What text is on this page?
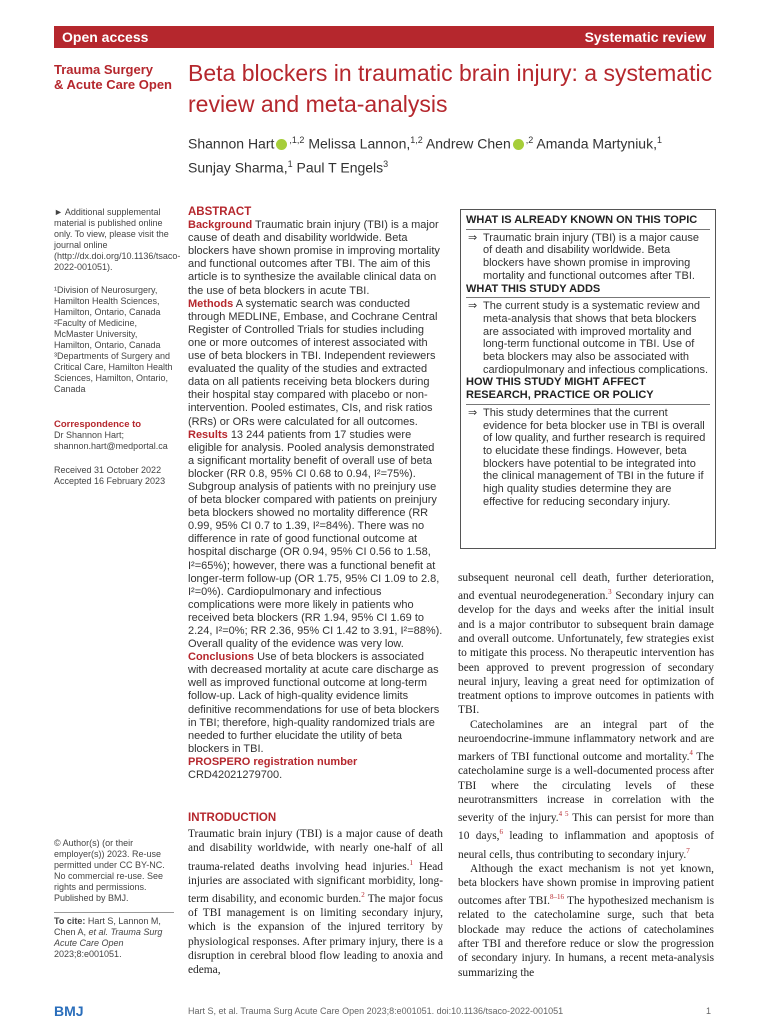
Open access	Systematic review
Trauma Surgery
& Acute Care Open Beta blockers in traumatic brain injury: a systematic review and meta-analysis
Shannon Hart $^{,1,2}$ Melissa Lannon,$^{1,2}$ Andrew Chen $^{,2}$ Amanda Martyniuk,$^1$
Sunjay Sharma,$^1$ Paul T Engels$^3$
► Additional supplemental material is published online only. To view, please visit the journal online (http://dx.doi.org/10.1136/tsaco-2022-001051).
¹Division of Neurosurgery, Hamilton Health Sciences, Hamilton, Ontario, Canada
²Faculty of Medicine, McMaster University, Hamilton, Ontario, Canada
³Departments of Surgery and Critical Care, Hamilton Health Sciences, Hamilton, Ontario, Canada
Correspondence to
Dr Shannon Hart; shannon.hart@medportal.ca
Received 31 October 2022
Accepted 16 February 2023
© Author(s) (or their employer(s)) 2023. Re-use permitted under CC BY-NC. No commercial re-use. See rights and permissions. Published by BMJ.
To cite: Hart S, Lannon M, Chen A, et al. Trauma Surg Acute Care Open 2023;8:e001051.
ABSTRACT
Background Traumatic brain injury (TBI) is a major cause of death and disability worldwide. Beta blockers have shown promise in improving mortality and functional outcomes after TBI. The aim of this article is to synthesize the available clinical data on the use of beta blockers in acute TBI.
Methods A systematic search was conducted through MEDLINE, Embase, and Cochrane Central Register of Controlled Trials for studies including one or more outcomes of interest associated with use of beta blockers in TBI. Independent reviewers evaluated the quality of the studies and extracted data on all patients receiving beta blockers during their hospital stay compared with placebo or non-intervention. Pooled estimates, CIs, and risk ratios (RRs) or ORs were calculated for all outcomes.
Results 13 244 patients from 17 studies were eligible for analysis. Pooled analysis demonstrated a significant mortality benefit of overall use of beta blocker (RR 0.8, 95% CI 0.68 to 0.94, I²=75%). Subgroup analysis of patients with no preinjury use of beta blocker compared with patients on preinjury beta blockers showed no mortality difference (RR 0.99, 95% CI 0.7 to 1.39, I²=84%). There was no difference in rate of good functional outcome at hospital discharge (OR 0.94, 95% CI 0.56 to 1.58, I²=65%); however, there was a functional benefit at longer-term follow-up (OR 1.75, 95% CI 1.09 to 2.8, I²=0%). Cardiopulmonary and infectious complications were more likely in patients who received beta blockers (RR 1.94, 95% CI 1.69 to 2.24, I²=0%; RR 2.36, 95% CI 1.42 to 3.91, I²=88%). Overall quality of the evidence was very low.
Conclusions Use of beta blockers is associated with decreased mortality at acute care discharge as well as improved functional outcome at long-term follow-up. Lack of high-quality evidence limits definitive recommendations for use of beta blockers in TBI; therefore, high-quality randomized trials are needed to further elucidate the utility of beta blockers in TBI.
PROSPERO registration number CRD42021279700.
WHAT IS ALREADY KNOWN ON THIS TOPIC
⇒ Traumatic brain injury (TBI) is a major cause of death and disability worldwide. Beta blockers have shown promise in improving mortality and functional outcomes after TBI.
WHAT THIS STUDY ADDS
⇒ The current study is a systematic review and meta-analysis that shows that beta blockers are associated with improved mortality and long-term functional outcome in TBI. Use of beta blockers may also be associated with cardiopulmonary and infectious complications.
HOW THIS STUDY MIGHT AFFECT RESEARCH, PRACTICE OR POLICY
⇒ This study determines that the current evidence for beta blocker use in TBI is overall of low quality, and further research is required to elucidate these findings. However, beta blockers have potential to be integrated into the clinical management of TBI in the future if high quality studies determine they are effective for reducing secondary injury.
INTRODUCTION

Traumatic brain injury (TBI) is a major cause of death and disability worldwide, with nearly one-half of all trauma-related deaths involving head injuries.$^1$ Head injuries are associated with significant morbidity, long-term disability, and economic burden.$^2$ The major focus of TBI management is on limiting secondary injury, which is the expansion of the injured territory by physiological responses. After primary injury, there is a disruption in cerebral blood flow leading to anoxia and edema,

subsequent neuronal cell death, further deterioration, and eventual neurodegeneration.$^3$ Secondary injury can develop for the days and weeks after the initial insult and is a major contributor to subsequent brain damage and overall outcome. Unfortunately, few strategies exist to mitigate this process. No therapeutic intervention has been approved to prevent progression of secondary neural injury, leaving a great need for optimization of treatment options to improve outcomes in patients with TBI.

Catecholamines are an integral part of the neuroendocrine-immune inflammatory network and are markers of TBI functional outcome and mortality.$^4$ The catecholamine surge is a well-documented process after TBI where the circulating levels of these neurotransmitters increase in correlation with the severity of the injury.$^{4 5}$ This can persist for more than 10 days,$^6$ leading to inflammation and apoptosis of neural cells, thus contributing to secondary injury.$^7$

Although the exact mechanism is not yet known, beta blockers have shown promise in improving patient outcomes after TBI.$^{8-16}$ The hypothesized mechanism is related to the catecholamine surge, such that beta blockade may reduce the actions of catecholamines after TBI and therefore reduce or slow the progression of secondary injury. In humans, a recent meta-analysis summarizing the

BMJ	Hart S, et al. Trauma Surg Acute Care Open 2023;8:e001051. doi:10.1136/tsaco-2022-001051	1
